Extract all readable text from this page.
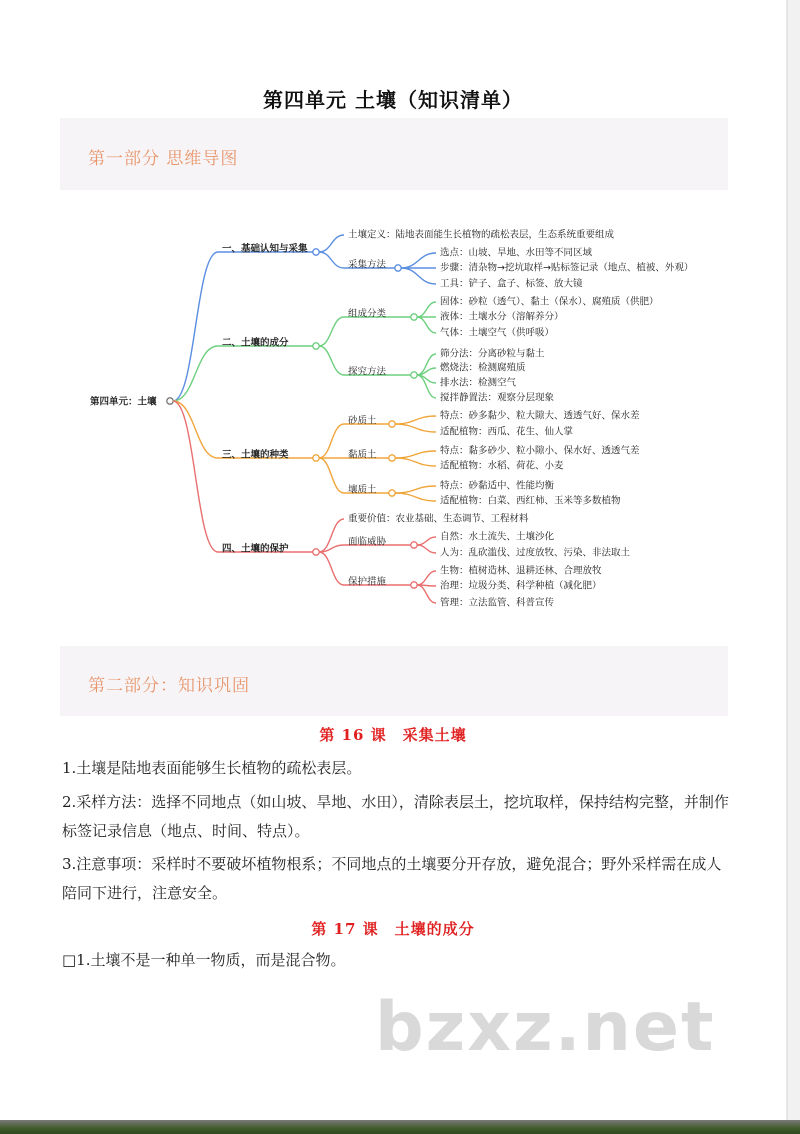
第四单元 土壤（知识清单）
第一部分 思维导图
第四单元：土壤
一、基础认知与采集
土壤定义：陆地表面能生长植物的疏松表层，生态系统重要组成
采集方法
选点：山坡、旱地、水田等不同区域
步骤：清杂物→挖坑取样→贴标签记录（地点、植被、外观）
工具：铲子、盒子、标签、放大镜
二、土壤的成分
组成分类
固体：砂粒（透气）、黏土（保水）、腐殖质（供肥）
液体：土壤水分（溶解养分）
气体：土壤空气（供呼吸）
探究方法
筛分法：分离砂粒与黏土
燃烧法：检测腐殖质
排水法：检测空气
搅拌静置法：观察分层现象
三、土壤的种类
砂质土	特点：砂多黏少、粒大隙大、透透气好、保水差
适配植物：西瓜、花生、仙人掌
黏质土	特点：黏多砂少、粒小隙小、保水好、透透气差
适配植物：水稻、荷花、小麦
壤质土	特点：砂黏适中、性能均衡
适配植物：白菜、西红柿、玉米等多数植物
四、土壤的保护
重要价值：农业基础、生态调节、工程材料
面临威胁	自然：水土流失、土壤沙化
人为：乱砍滥伐、过度放牧、污染、非法取土
保护措施
生物：植树造林、退耕还林、合理放牧
治理：垃圾分类、科学种植（减化肥）
管理：立法监管、科普宣传
第二部分：知识巩固
第 16 课　采集土壤
1.土壤是陆地表面能够生长植物的疏松表层。
2.采样方法：选择不同地点（如山坡、旱地、水田），清除表层土，挖坑取样，保持结构完整，并制作标签记录信息（地点、时间、特点）。
3.注意事项：采样时不要破坏植物根系；不同地点的土壤要分开存放，避免混合；野外采样需在成人陪同下进行，注意安全。
第 17 课　土壤的成分
□1.土壤不是一种单一物质，而是混合物。
bzxz.net
